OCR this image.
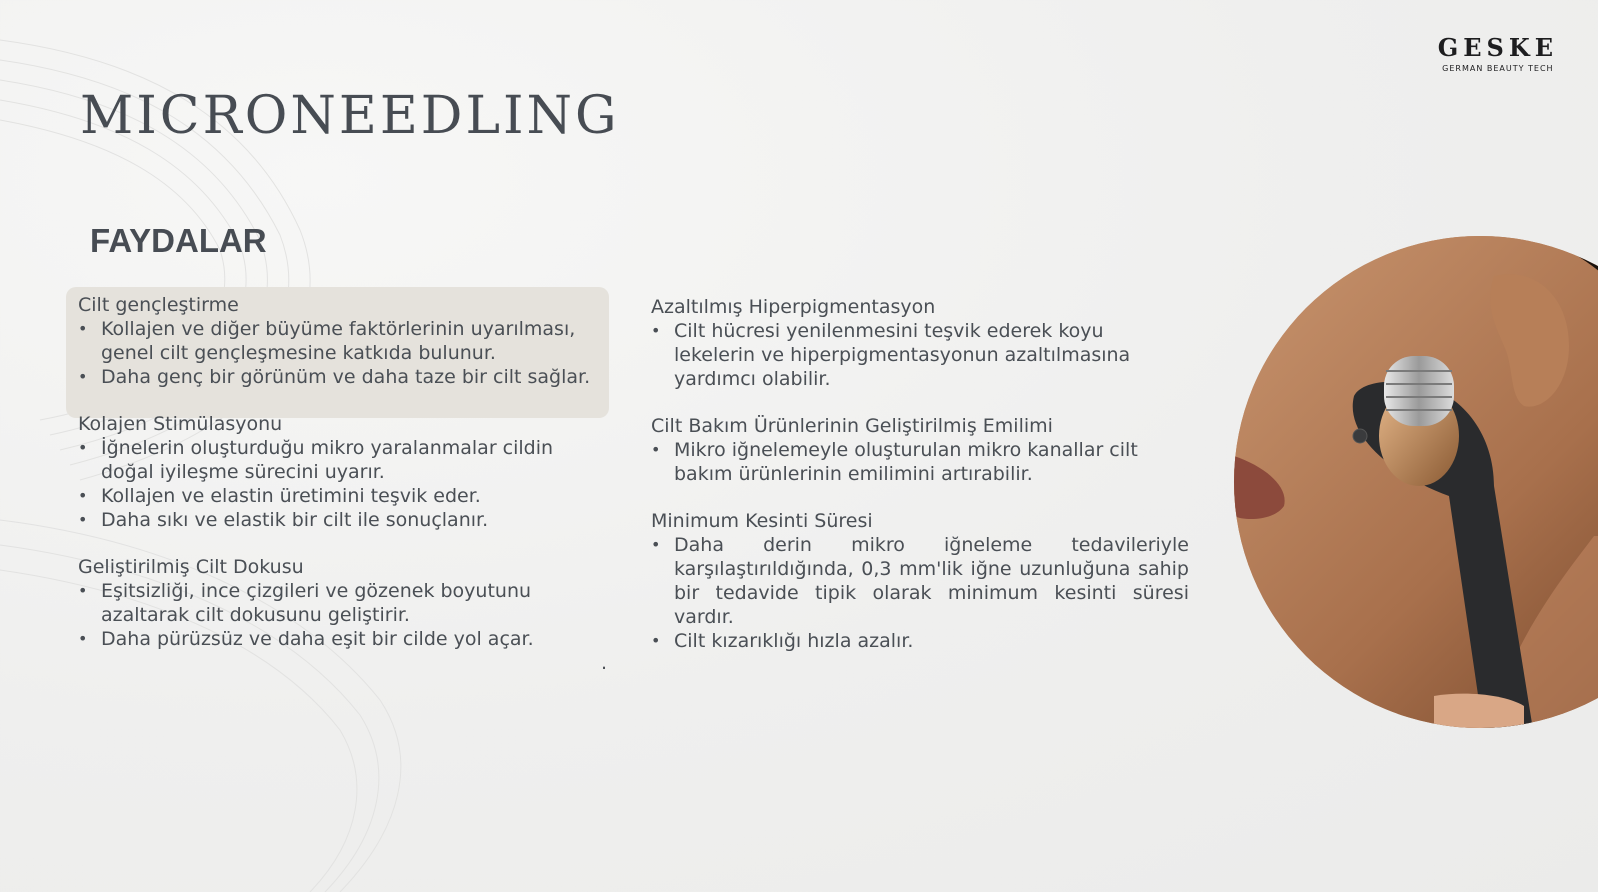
GESKE
GERMAN BEAUTY TECH
MICRONEEDLING
FAYDALAR
Cilt gençleştirme
• Kollajen ve diğer büyüme faktörlerinin uyarılması, genel cilt gençleşmesine katkıda bulunur.
• Daha genç bir görünüm ve daha taze bir cilt sağlar.
Kolajen Stimülasyonu
• İğnelerin oluşturduğu mikro yaralanmalar cildin doğal iyileşme sürecini uyarır.
• Kollajen ve elastin üretimini teşvik eder.
• Daha sıkı ve elastik bir cilt ile sonuçlanır.
Geliştirilmiş Cilt Dokusu
• Eşitsizliği, ince çizgileri ve gözenek boyutunu azaltarak cilt dokusunu geliştirir.
• Daha pürüzsüz ve daha eşit bir cilde yol açar.
Azaltılmış Hiperpigmentasyon
• Cilt hücresi yenilenmesini teşvik ederek koyu lekelerin ve hiperpigmentasyonun azaltılmasına yardımcı olabilir.
Cilt Bakım Ürünlerinin Geliştirilmiş Emilimi
• Mikro iğnelemeyle oluşturulan mikro kanallar cilt bakım ürünlerinin emilimini artırabilir.
Minimum Kesinti Süresi
• Daha derin mikro iğneleme tedavileriyle karşılaştırıldığında, 0,3 mm'lik iğne uzunluğuna sahip bir tedavide tipik olarak minimum kesinti süresi vardır.
• Cilt kızarıklığı hızla azalır.
.
